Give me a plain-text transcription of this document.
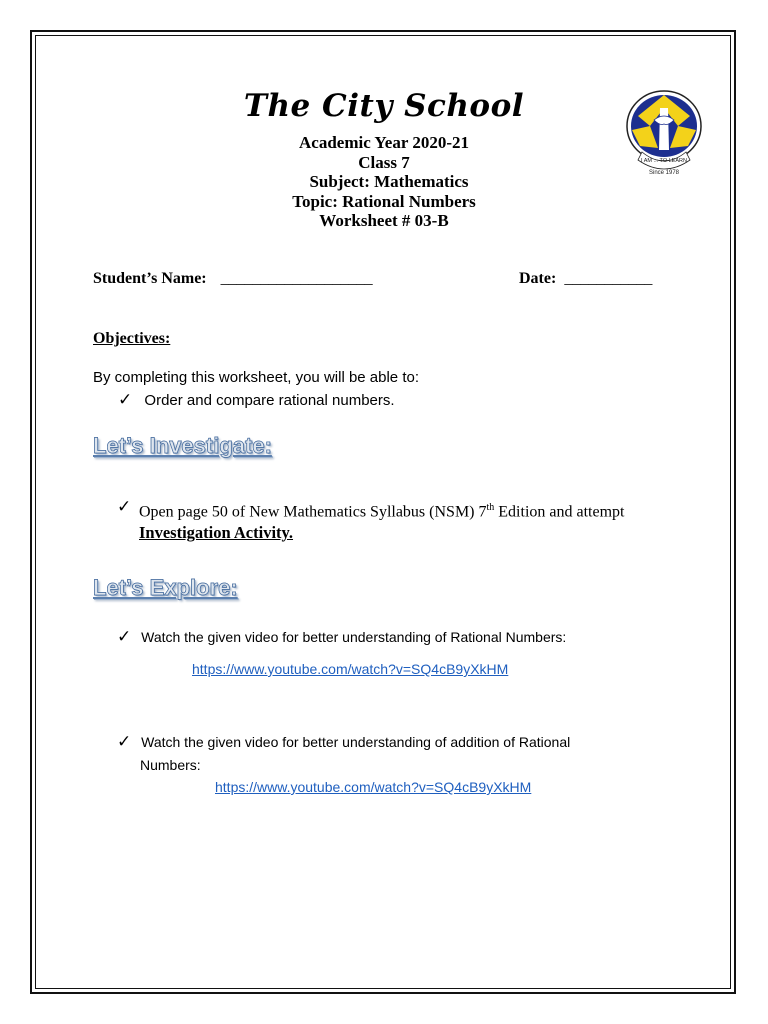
The City School
Academic Year 2020-21
Class 7
Subject: Mathematics
Topic: Rational Numbers
Worksheet # 03-B
I AM ... TO LEARN
Since 1978
Student’s Name: ___________________	Date: ___________
Objectives:
By completing this worksheet, you will be able to:
✓ Order and compare rational numbers.
Let’s Investigate:
✓ Open page 50 of New Mathematics Syllabus (NSM) 7th Edition and attempt Investigation Activity.
Let’s Explore:
✓ Watch the given video for better understanding of Rational Numbers:
https://www.youtube.com/watch?v=SQ4cB9yXkHM
✓ Watch the given video for better understanding of addition of Rational
Numbers:
https://www.youtube.com/watch?v=SQ4cB9yXkHM
